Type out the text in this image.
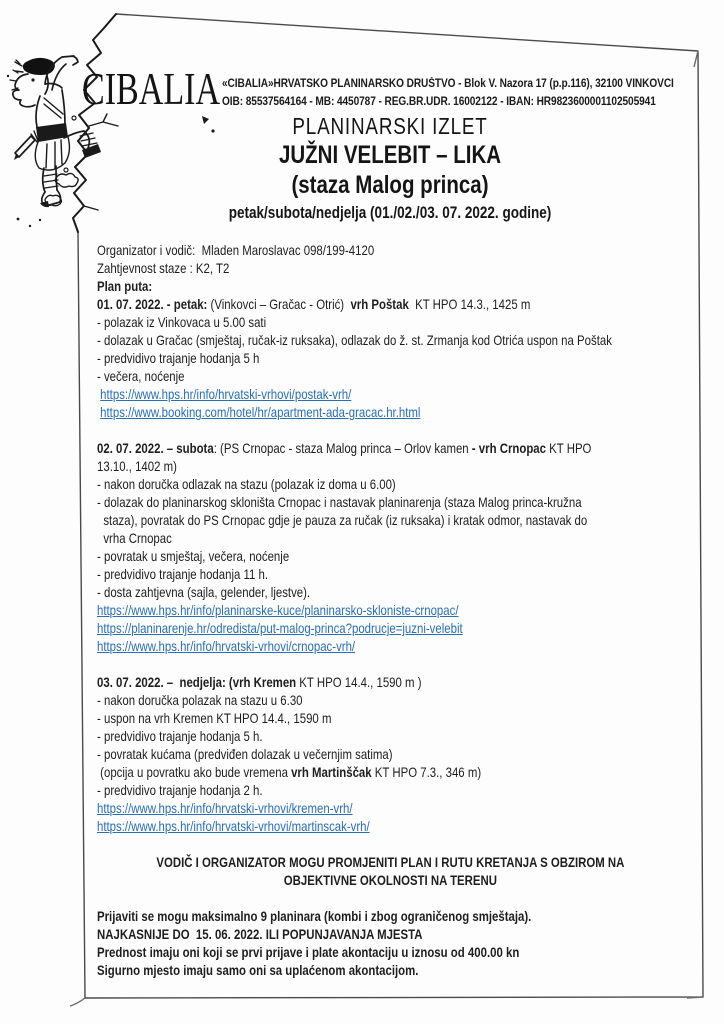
CIBALIA «CIBALIA»HRVATSKO PLANINARSKO DRUŠTVO - Blok V. Nazora 17 (p.p.116), 32100 VINKOVCI
OIB: 85537564164 - MB: 4450787 - REG.BR.UDR. 16002122 - IBAN: HR9823600001102505941
PLANINARSKI IZLET
JUŽNI VELEBIT – LIKA
(staza Malog princa)
petak/subota/nedjelja (01./02./03. 07. 2022. godine)
Organizator i vodič:  Mladen Maroslavac 098/199-4120
Zahtjevnost staze : K2, T2
Plan puta:
01. 07. 2022. - petak: (Vinkovci – Gračac - Otrić)  vrh Poštak  KT HPO 14.3., 1425 m
- polazak iz Vinkovaca u 5.00 sati
- dolazak u Gračac (smještaj, ručak-iz ruksaka), odlazak do ž. st. Zrmanja kod Otrića uspon na Poštak
- predvidivo trajanje hodanja 5 h
- večera, noćenje
https://www.hps.hr/info/hrvatski-vrhovi/postak-vrh/
https://www.booking.com/hotel/hr/apartment-ada-gracac.hr.html
02. 07. 2022. – subota: (PS Crnopac - staza Malog princa – Orlov kamen - vrh Crnopac KT HPO
13.10., 1402 m)
- nakon doručka odlazak na stazu (polazak iz doma u 6.00)
- dolazak do planinarskog skloništa Crnopac i nastavak planinarenja (staza Malog princa-kružna
staza), povratak do PS Crnopac gdje je pauza za ručak (iz ruksaka) i kratak odmor, nastavak do
vrha Crnopac
- povratak u smještaj, večera, noćenje
- predvidivo trajanje hodanja 11 h.
- dosta zahtjevna (sajla, gelender, ljestve).
https://www.hps.hr/info/planinarske-kuce/planinarsko-skloniste-crnopac/
https://planinarenje.hr/odredista/put-malog-princa?podrucje=juzni-velebit
https://www.hps.hr/info/hrvatski-vrhovi/crnopac-vrh/
03. 07. 2022. –  nedjelja: (vrh Kremen KT HPO 14.4., 1590 m )
- nakon doručka polazak na stazu u 6.30
- uspon na vrh Kremen KT HPO 14.4., 1590 m
- predvidivo trajanje hodanja 5 h.
- povratak kućama (predviđen dolazak u večernjim satima)
(opcija u povratku ako bude vremena vrh Martinščak KT HPO 7.3., 346 m)
- predvidivo trajanje hodanja 2 h.
https://www.hps.hr/info/hrvatski-vrhovi/kremen-vrh/
https://www.hps.hr/info/hrvatski-vrhovi/martinscak-vrh/
VODIČ I ORGANIZATOR MOGU PROMJENITI PLAN I RUTU KRETANJA S OBZIROM NA
OBJEKTIVNE OKOLNOSTI NA TERENU
Prijaviti se mogu maksimalno 9 planinara (kombi i zbog ograničenog smještaja).
NAJKASNIJE DO  15. 06. 2022. ILI POPUNJAVANJA MJESTA
Prednost imaju oni koji se prvi prijave i plate akontaciju u iznosu od 400.00 kn
Sigurno mjesto imaju samo oni sa uplaćenom akontacijom.
